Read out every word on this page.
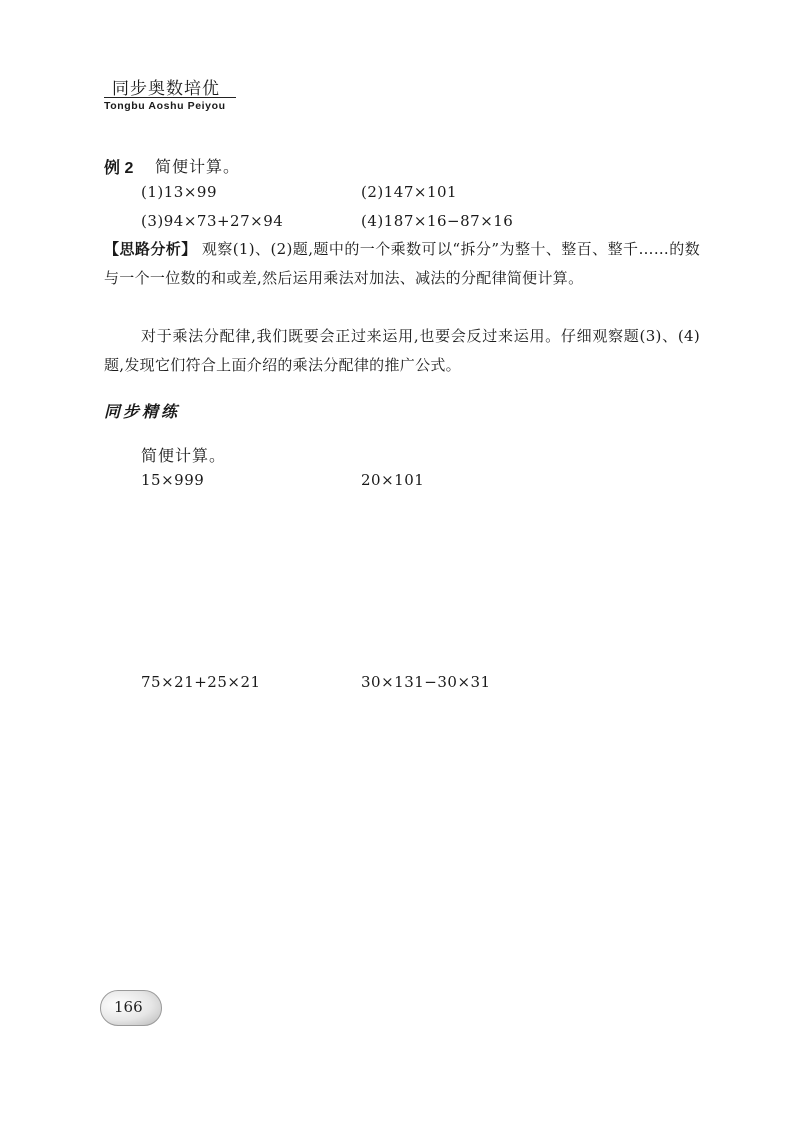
同步奥数培优
Tongbu Aoshu Peiyou
例 2 简便计算。
(1)13×99	(2)147×101
(3)94×73+27×94	(4)187×16−87×16
【思路分析】 观察(1)、(2)题,题中的一个乘数可以“拆分”为整十、整百、整千……的数与一个一位数的和或差,然后运用乘法对加法、减法的分配律简便计算。
对于乘法分配律,我们既要会正过来运用,也要会反过来运用。仔细观察题(3)、(4)题,发现它们符合上面介绍的乘法分配律的推广公式。
同步精练
简便计算。
15×999	20×101
75×21+25×21	30×131−30×31
166
